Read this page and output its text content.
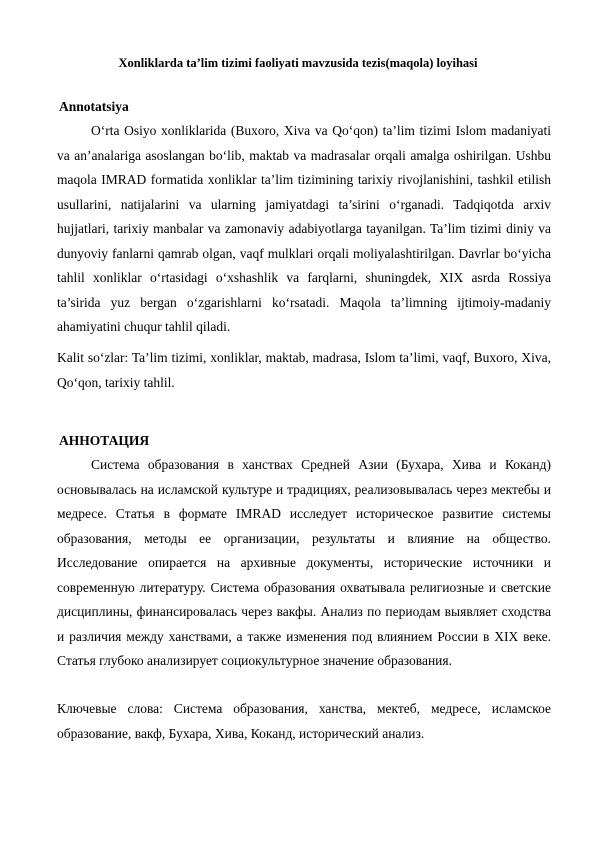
Xonliklarda ta’lim tizimi faoliyati mavzusida tezis(maqola) loyihasi
Annotatsiya

O‘rta Osiyo xonliklarida (Buxoro, Xiva va Qo‘qon) ta’lim tizimi Islom madaniyati va an’analariga asoslangan bo‘lib, maktab va madrasalar orqali amalga oshirilgan. Ushbu maqola IMRAD formatida xonliklar ta’lim tizimining tarixiy rivojlanishini, tashkil etilish usullarini, natijalarini va ularning jamiyatdagi ta’sirini o‘rganadi. Tadqiqotda arxiv hujjatlari, tarixiy manbalar va zamonaviy adabiyotlarga tayanilgan. Ta’lim tizimi diniy va dunyoviy fanlarni qamrab olgan, vaqf mulklari orqali moliyalashtirilgan. Davrlar bo‘yicha tahlil xonliklar o‘rtasidagi o‘xshashlik va farqlarni, shuningdek, XIX asrda Rossiya ta’sirida yuz bergan o‘zgarishlarni ko‘rsatadi. Maqola ta’limning ijtimoiy-madaniy ahamiyatini chuqur tahlil qiladi.

Kalit so‘zlar: Ta’lim tizimi, xonliklar, maktab, madrasa, Islom ta’limi, vaqf, Buxoro, Xiva, Qo‘qon, tarixiy tahlil.

АННОТАЦИЯ

Система образования в ханствах Средней Азии (Бухара, Хива и Коканд) основывалась на исламской культуре и традициях, реализовывалась через мектебы и медресе. Статья в формате IMRAD исследует историческое развитие системы образования, методы ее организации, результаты и влияние на общество. Исследование опирается на архивные документы, исторические источники и современную литературу. Система образования охватывала религиозные и светские дисциплины, финансировалась через вакфы. Анализ по периодам выявляет сходства и различия между ханствами, а также изменения под влиянием России в XIX веке. Статья глубоко анализирует социокультурное значение образования.

Ключевые слова: Система образования, ханства, мектеб, медресе, исламское образование, вакф, Бухара, Хива, Коканд, исторический анализ.
